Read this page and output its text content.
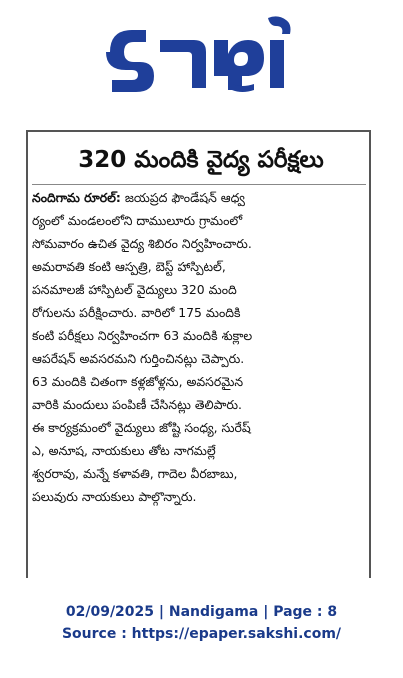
320 మందికి వైద్య పరీక్షలు
నందిగామ రూరల్: జయప్రద ఫౌండేషన్ ఆధ్వ
ర్యంలో మండలంలోని దాములూరు గ్రామంలో
సోమవారం ఉచిత వైద్య శిబిరం నిర్వహించారు.
అమరావతి కంటి ఆస్పత్రి, బెస్ట్ హాస్పిటల్,
పనమాలజీ హాస్పిటల్ వైద్యులు 320 మంది
రోగులను పరీక్షించారు. వారిలో 175 మందికి
కంటి పరీక్షలు నిర్వహించగా 63 మందికి శుక్లాల
ఆపరేషన్ అవసరమని గుర్తించినట్లు చెప్పారు.
63 మందికి చితంగా కళ్లజోళ్లను, అవసరమైన
వారికి మందులు పంపిణీ చేసినట్లు తెలిపారు.
ఈ కార్యక్రమంలో వైద్యులు జోష్టి సంధ్య, సురేష్
ఎ, అనూష, నాయకులు తోట నాగమల్లే
శ్వరరావు, మన్నే కళావతి, గాదెల వీరబాబు,
పలువురు నాయకులు పాల్గొన్నారు.
02/09/2025 | Nandigama | Page : 8
Source : https://epaper.sakshi.com/
